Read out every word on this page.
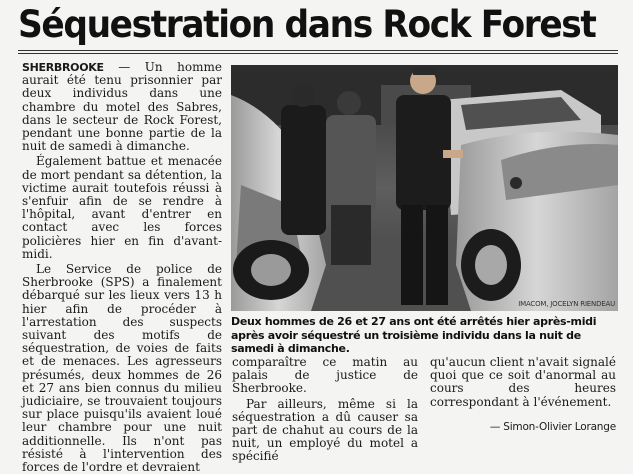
Séquestration dans Rock Forest

SHERBROOKE — Un homme aurait été tenu prisonnier par deux individus dans une chambre du motel des Sabres, dans le secteur de Rock Forest, pendant une bonne partie de la nuit de samedi à dimanche.

Également battue et menacée de mort pendant sa détention, la victime aurait toutefois réussi à s'enfuir afin de se rendre à l'hôpital, avant d'entrer en contact avec les forces policières hier en fin d'avant-midi.

Le Service de police de Sherbrooke (SPS) a finalement débarqué sur les lieux vers 13 h hier afin de procéder à l'arrestation des suspects suivant des motifs de séquestration, de voies de faits et de menaces. Les agresseurs présumés, deux hommes de 26 et 27 ans bien connus du milieu judiciaire, se trouvaient toujours sur place puisqu'ils avaient loué leur chambre pour une nuit additionnelle. Ils n'ont pas résisté à l'intervention des forces de l'ordre et devraient

IMACOM, JOCELYN RIENDEAU
Deux hommes de 26 et 27 ans ont été arrêtés hier après-midi après avoir séquestré un troisième individu dans la nuit de samedi à dimanche.

comparaître ce matin au palais de justice de Sherbrooke.

Par ailleurs, même si la séquestration a dû causer sa part de chahut au cours de la nuit, un employé du motel a spécifié

qu'aucun client n'avait signalé quoi que ce soit d'anormal au cours des heures correspondant à l'événement.

— Simon-Olivier Lorange
